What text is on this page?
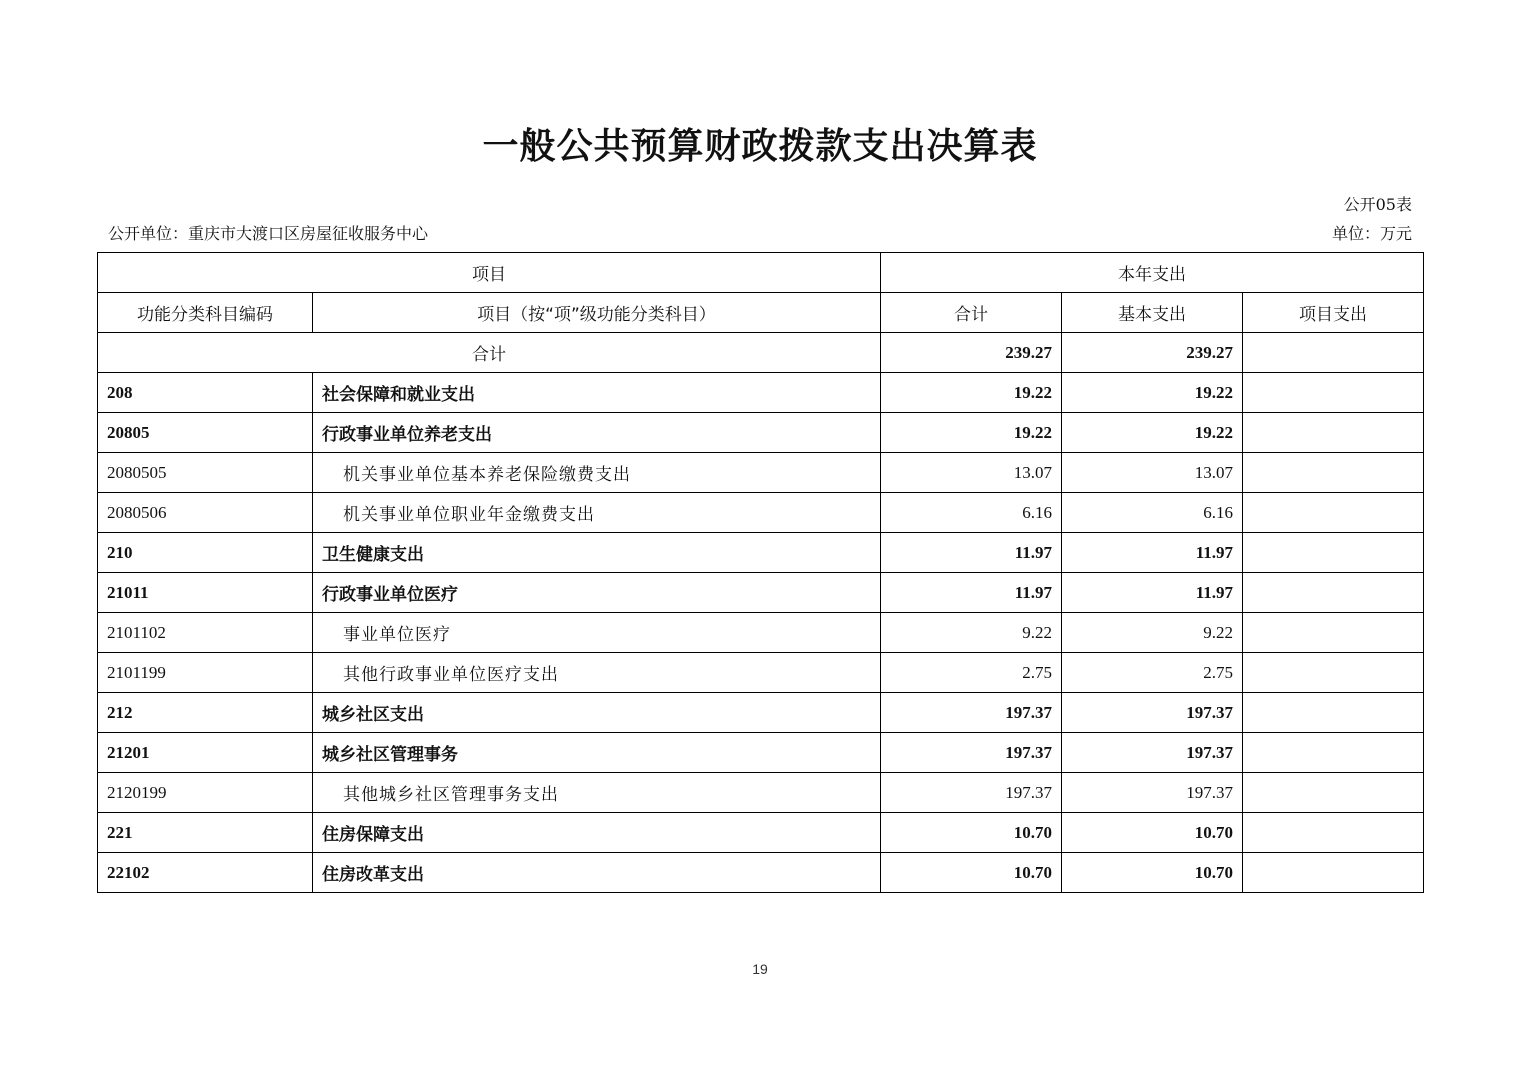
一般公共预算财政拨款支出决算表
公开05表
公开单位：重庆市大渡口区房屋征收服务中心	单位：万元
项目		本年支出		
功能分类科目编码	项目（按“项”级功能分类科目）	合计	基本支出	项目支出
合计		239.27	239.27	
208	社会保障和就业支出	19.22	19.22	
20805	行政事业单位养老支出	19.22	19.22	
2080505	机关事业单位基本养老保险缴费支出	13.07	13.07	
2080506	机关事业单位职业年金缴费支出	6.16	6.16	
210	卫生健康支出	11.97	11.97	
21011	行政事业单位医疗	11.97	11.97	
2101102	事业单位医疗	9.22	9.22	
2101199	其他行政事业单位医疗支出	2.75	2.75	
212	城乡社区支出	197.37	197.37	
21201	城乡社区管理事务	197.37	197.37	
2120199	其他城乡社区管理事务支出	197.37	197.37	
221	住房保障支出	10.70	10.70	
22102	住房改革支出	10.70	10.70	
19
